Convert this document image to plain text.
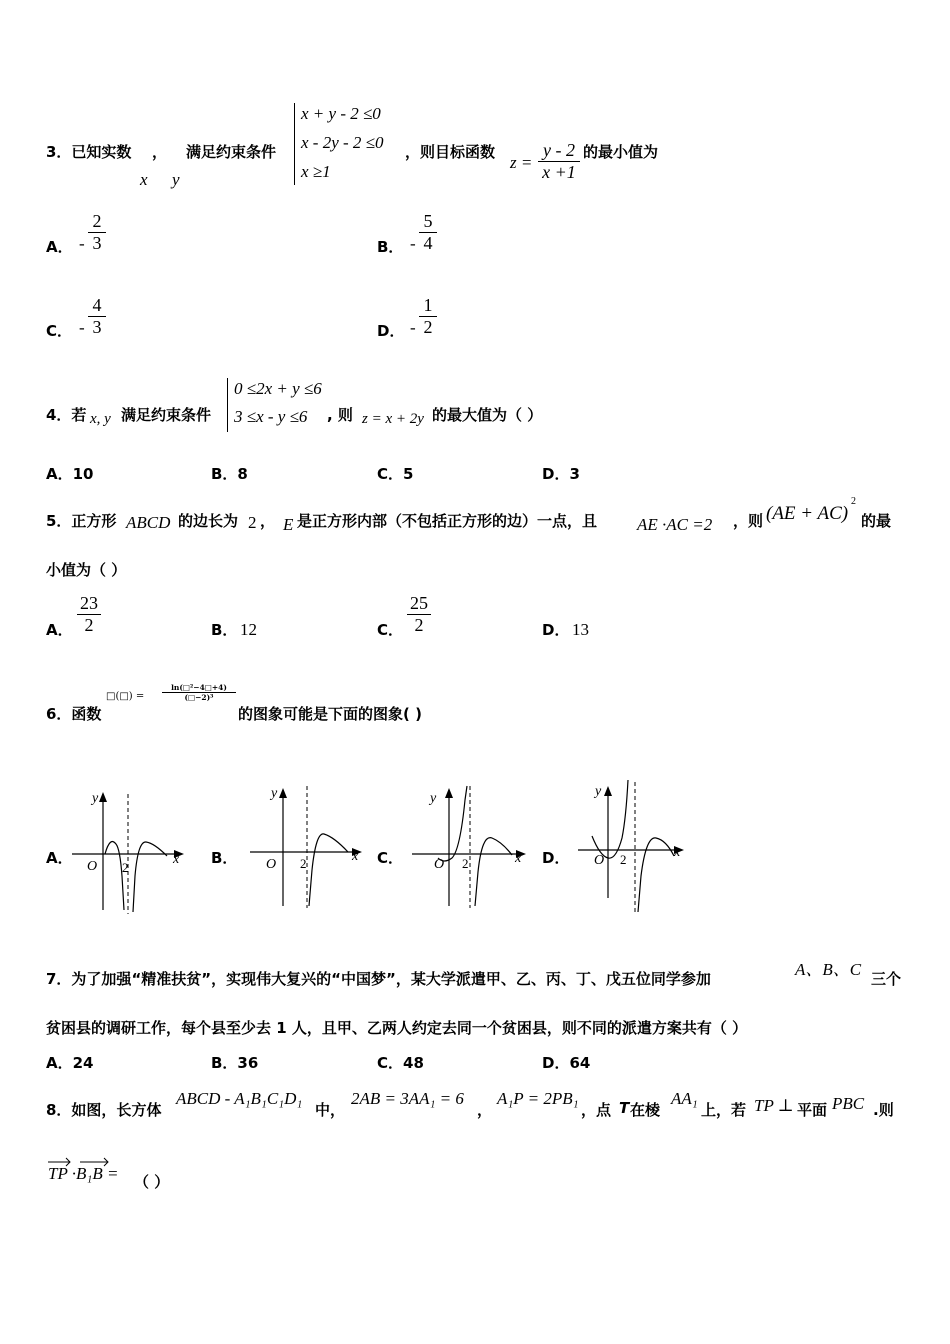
3．已知实数 ， 满足约束条件
x y
x + y - 2 ≤0
x - 2y - 2 ≤0
x ≥1
，则目标函数
z =
y - 2
x +1
的最小值为
A． -
2
3	B． -
5
4
C． -
4
3	D． -
1
2
4．若 x, y 满足约束条件
0 ≤2x + y ≤6
3 ≤x - y ≤6 , 则 z = x + 2y 的最大值为（ ）
A．10	B．8	C．5	D．3
5．正方形 ABCD 的边长为 2 ， E 是正方形内部（不包括正方形的边）一点，且 AE ·AC =2 ，则 (AE + AC)
2
的最
小值为（ ）
A．
23
2	B． 12	C．
25
2	D． 13
6．函数
□(□) =
ln(□²−4□+4)
(□−2)³
的图象可能是下面的图象( )
A．	B．	C．	D．
O 2
x
y
O 2	x
y
O 2	x
y
O 2	x
y
7．为了加强“精准扶贫”，实现伟大复兴的“中国梦”，某大学派遣甲、乙、丙、丁、戊五位同学参加	A、B、C 三个
贫困县的调研工作，每个县至少去 1 人，且甲、乙两人约定去同一个贫困县，则不同的派遣方案共有（ ）
A．24	B．36	C．48	D．64
8．如图，长方体
ABCD - A₁B₁C₁D₁
中，
2AB = 3AA₁ = 6
，
A₁P = 2PB₁
，点 T 在棱
AA₁
上，若 TP ⊥ 平面 PBC .则
TP ·B₁B = （ ）
